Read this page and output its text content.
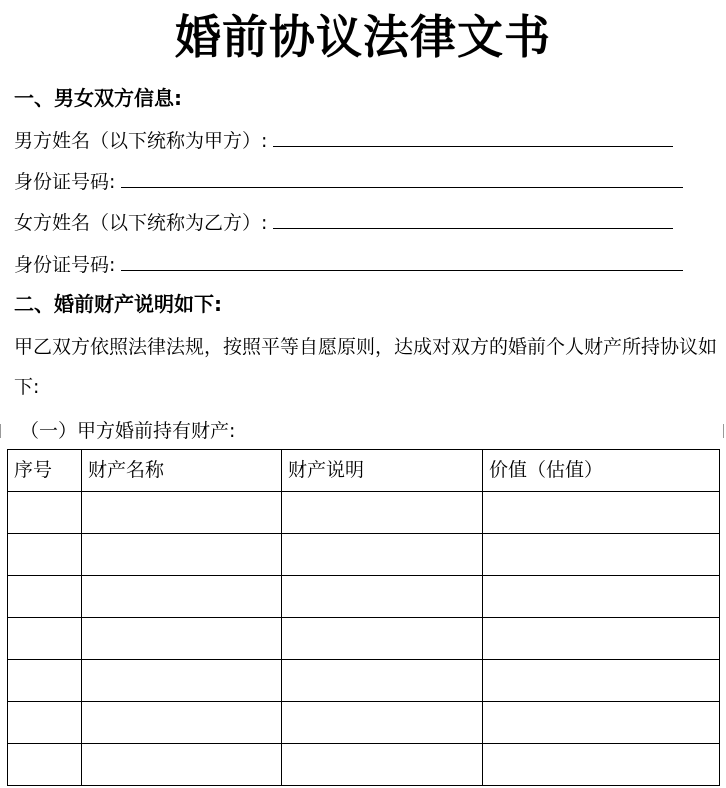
婚前协议法律文书
一、男女双方信息:
男方姓名（以下统称为甲方）:
身份证号码:
女方姓名（以下统称为乙方）:
身份证号码:
二、婚前财产说明如下:
甲乙双方依照法律法规，按照平等自愿原则，达成对双方的婚前个人财产所持协议如下:
（一）甲方婚前持有财产:
序号	财产名称	财产说明	价值（估值）
